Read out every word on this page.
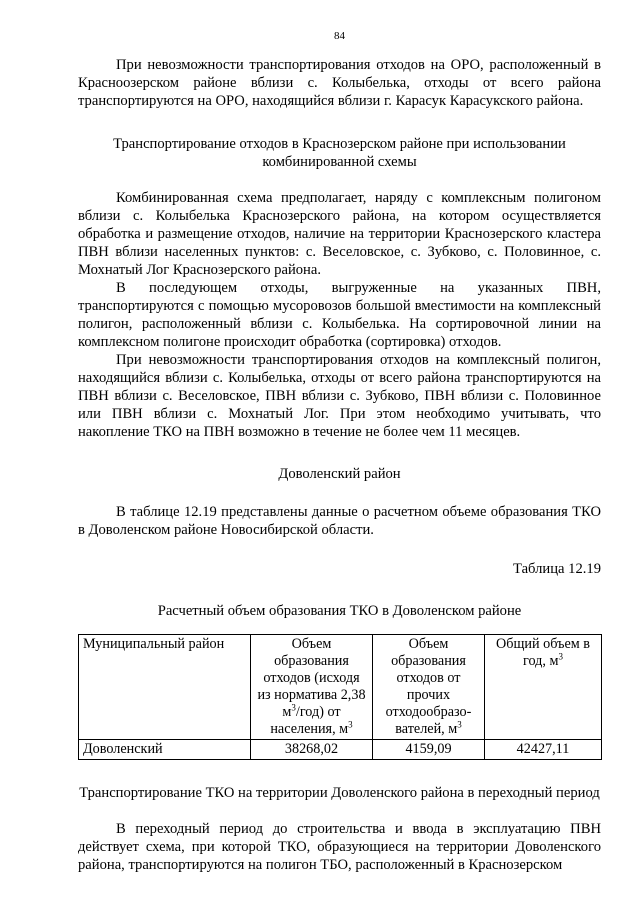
84

При невозможности транспортирования отходов на ОРО, расположенный в Красноозерском районе вблизи с. Колыбелька, отходы от всего района транспортируются на ОРО, находящийся вблизи г. Карасук Карасукского района.

Транспортирование отходов в Краснозерском районе при использовании комбинированной схемы

Комбинированная схема предполагает, наряду с комплексным полигоном вблизи с. Колыбелька Краснозерского района, на котором осуществляется обработка и размещение отходов, наличие на территории Краснозерского кластера ПВН вблизи населенных пунктов: с. Веселовское, с. Зубково, с. Половинное, с. Мохнатый Лог Краснозерского района.

В последующем отходы, выгруженные на указанных ПВН, транспортируются с помощью мусоровозов большой вместимости на комплексный полигон, расположенный вблизи с. Колыбелька. На сортировочной линии на комплексном полигоне происходит обработка (сортировка) отходов.

При невозможности транспортирования отходов на комплексный полигон, находящийся вблизи с. Колыбелька, отходы от всего района транспортируются на ПВН вблизи с. Веселовское, ПВН вблизи с. Зубково, ПВН вблизи с. Половинное или ПВН вблизи с. Мохнатый Лог. При этом необходимо учитывать, что накопление ТКО на ПВН возможно в течение не более чем 11 месяцев.

Доволенский район

В таблице 12.19 представлены данные о расчетном объеме образования ТКО в Доволенском районе Новосибирской области.

Таблица 12.19

Расчетный объем образования ТКО в Доволенском районе

Муниципальный район	Объем образования отходов (исходя из норматива 2,38 $м^3/год$) от населения, $м^3$	Объем образования отходов от прочих отходообразо-вателей, $м^3$	Общий объем в год, $м^3$
Доволенский	38268,02	4159,09	42427,11

Транспортирование ТКО на территории Доволенского района в переходный период

В переходный период до строительства и ввода в эксплуатацию ПВН действует схема, при которой ТКО, образующиеся на территории Доволенского района, транспортируются на полигон ТБО, расположенный в Краснозерском
